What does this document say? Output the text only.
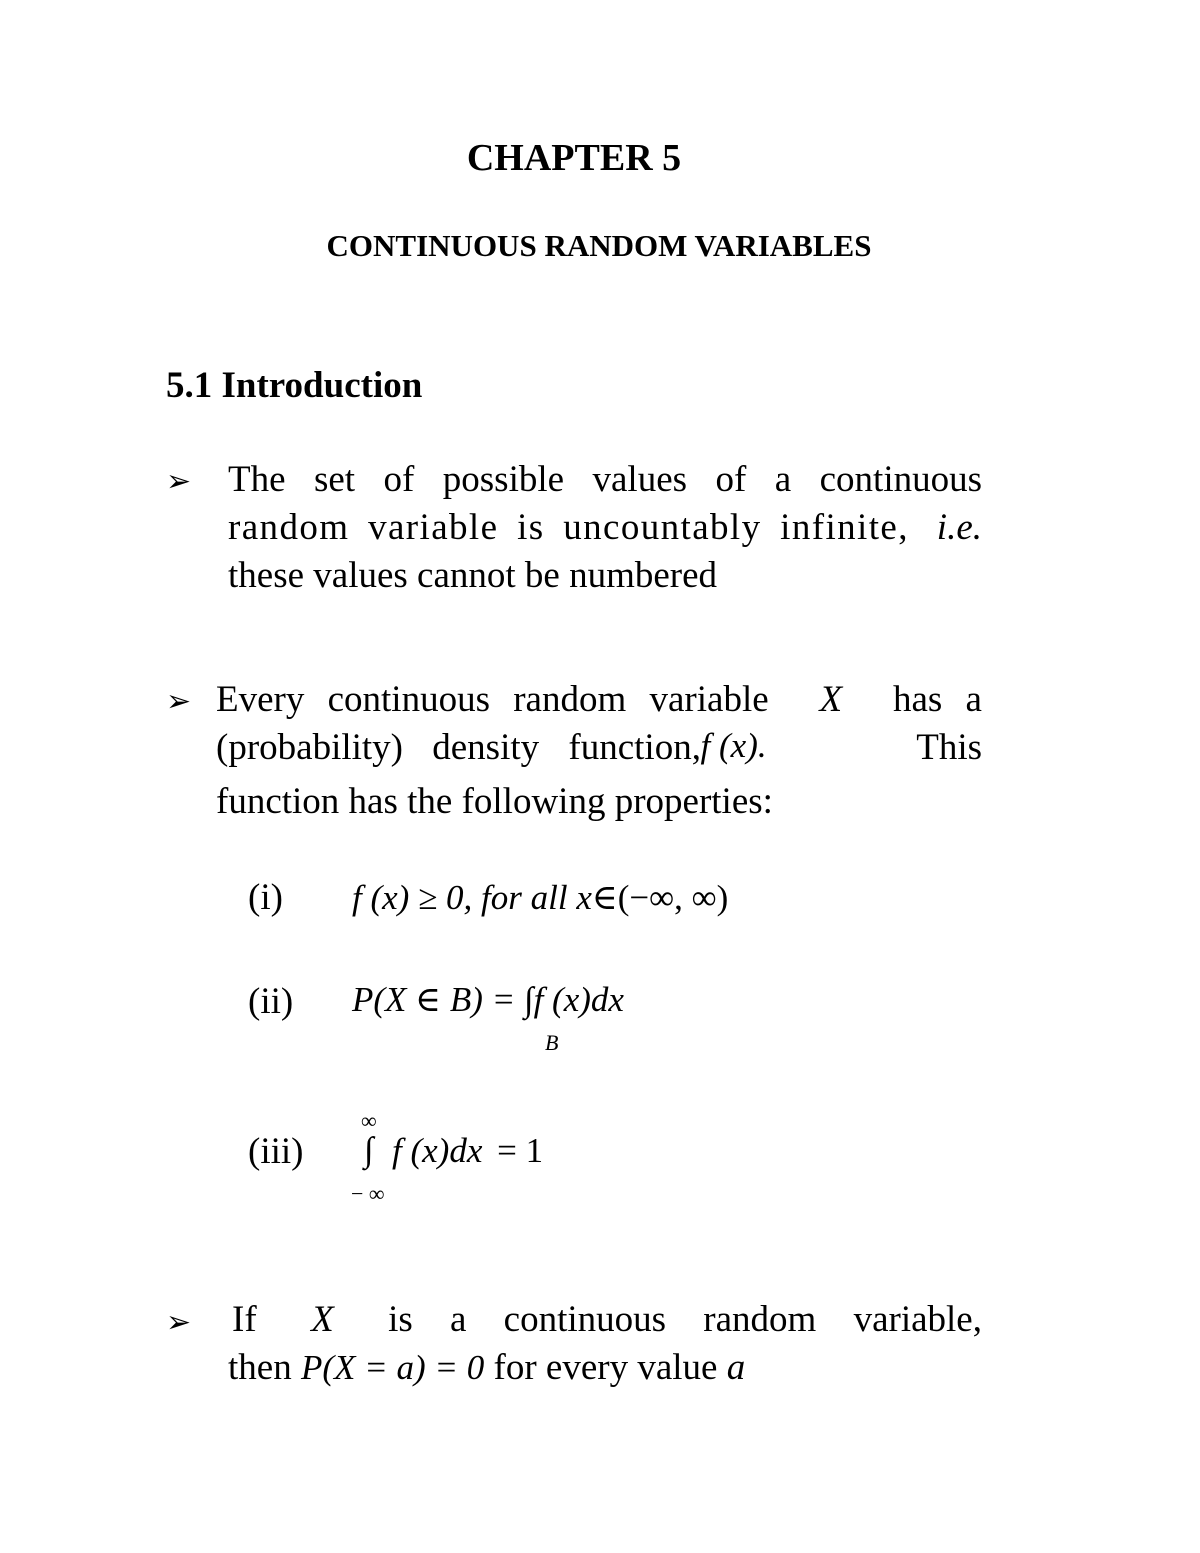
CHAPTER 5
CONTINUOUS RANDOM VARIABLES
5.1 Introduction
➢ The set of possible values of a continuous
random variable is uncountably infinite, i.e.
these values cannot be numbered
➢ Every continuous random variable X has a
(probability) density function, f (x).	This
function has the following properties:
(i) f (x) ≥ 0, for all x∈(−∞, ∞)
(ii) P(X ∈ B) = ∫f (x)dx
B
(iii)
∞
∫
− ∞
f (x)dx = 1
➢ If X is a continuous random variable,
then P(X = a) = 0 for every value a
